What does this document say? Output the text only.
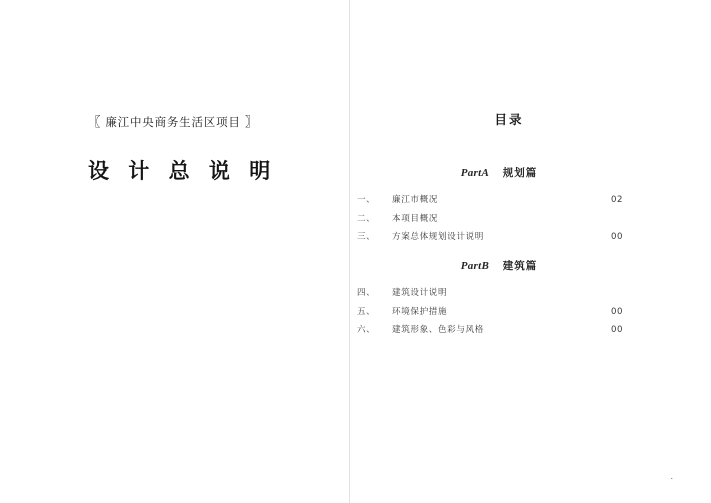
〖 廉江中央商务生活区项目 〗
设 计 总 说 明
目录
PartA 规划篇
一、 廉江市概况	02
二、 本项目概况
三、 方案总体规划设计说明	00
PartB 建筑篇
四、 建筑设计说明
五、 环境保护措施	00
六、 建筑形象、色彩与风格	00
.
